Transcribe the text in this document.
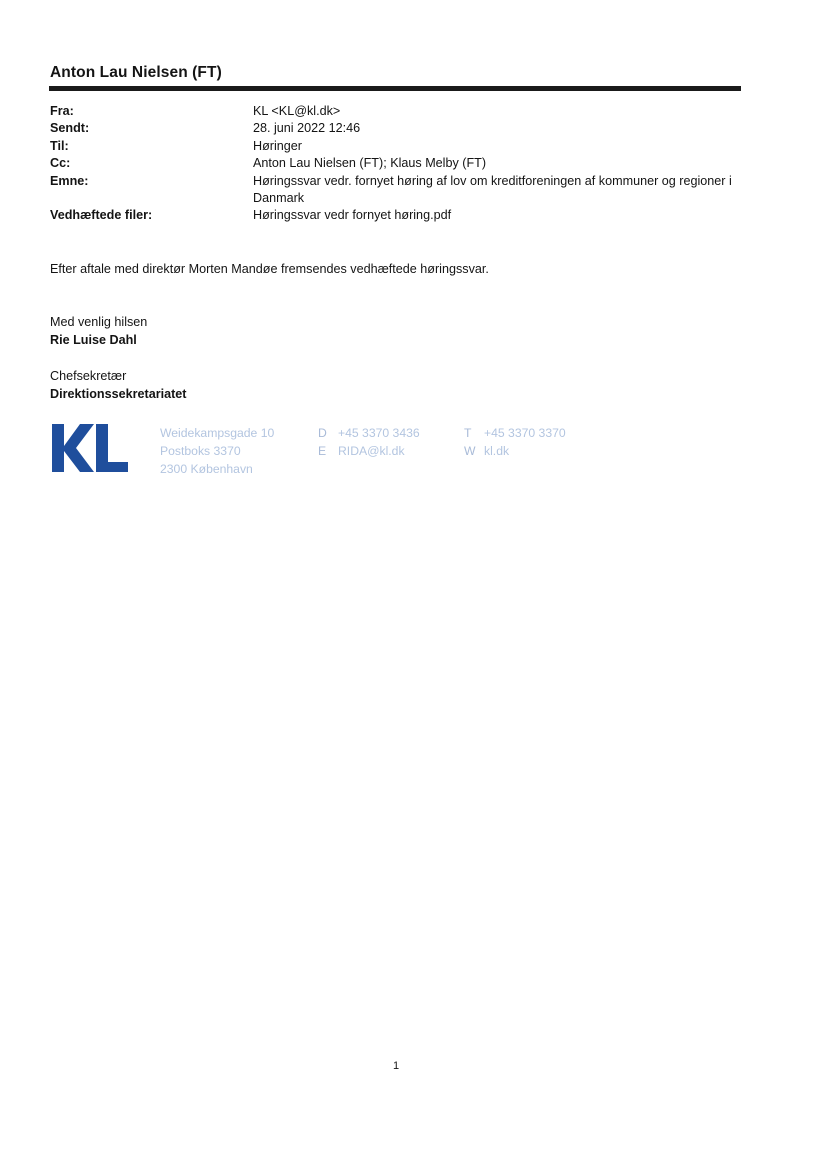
Anton Lau Nielsen (FT)
Fra:	KL <KL@kl.dk>
Sendt:	28. juni 2022 12:46
Til:	Høringer
Cc:	Anton Lau Nielsen (FT); Klaus Melby (FT)
Emne:	Høringssvar vedr. fornyet høring af lov om kreditforeningen af kommuner og regioner i Danmark
Vedhæftede filer:	Høringssvar vedr fornyet høring.pdf
Efter aftale med direktør Morten Mandøe fremsendes vedhæftede høringssvar.
Med venlig hilsen
Rie Luise Dahl
Chefsekretær
Direktionssekretariatet
Weidekampsgade 10
Postboks 3370
2300 København
D +45 3370 3436
E RIDA@kl.dk
T +45 3370 3370
W kl.dk
1
